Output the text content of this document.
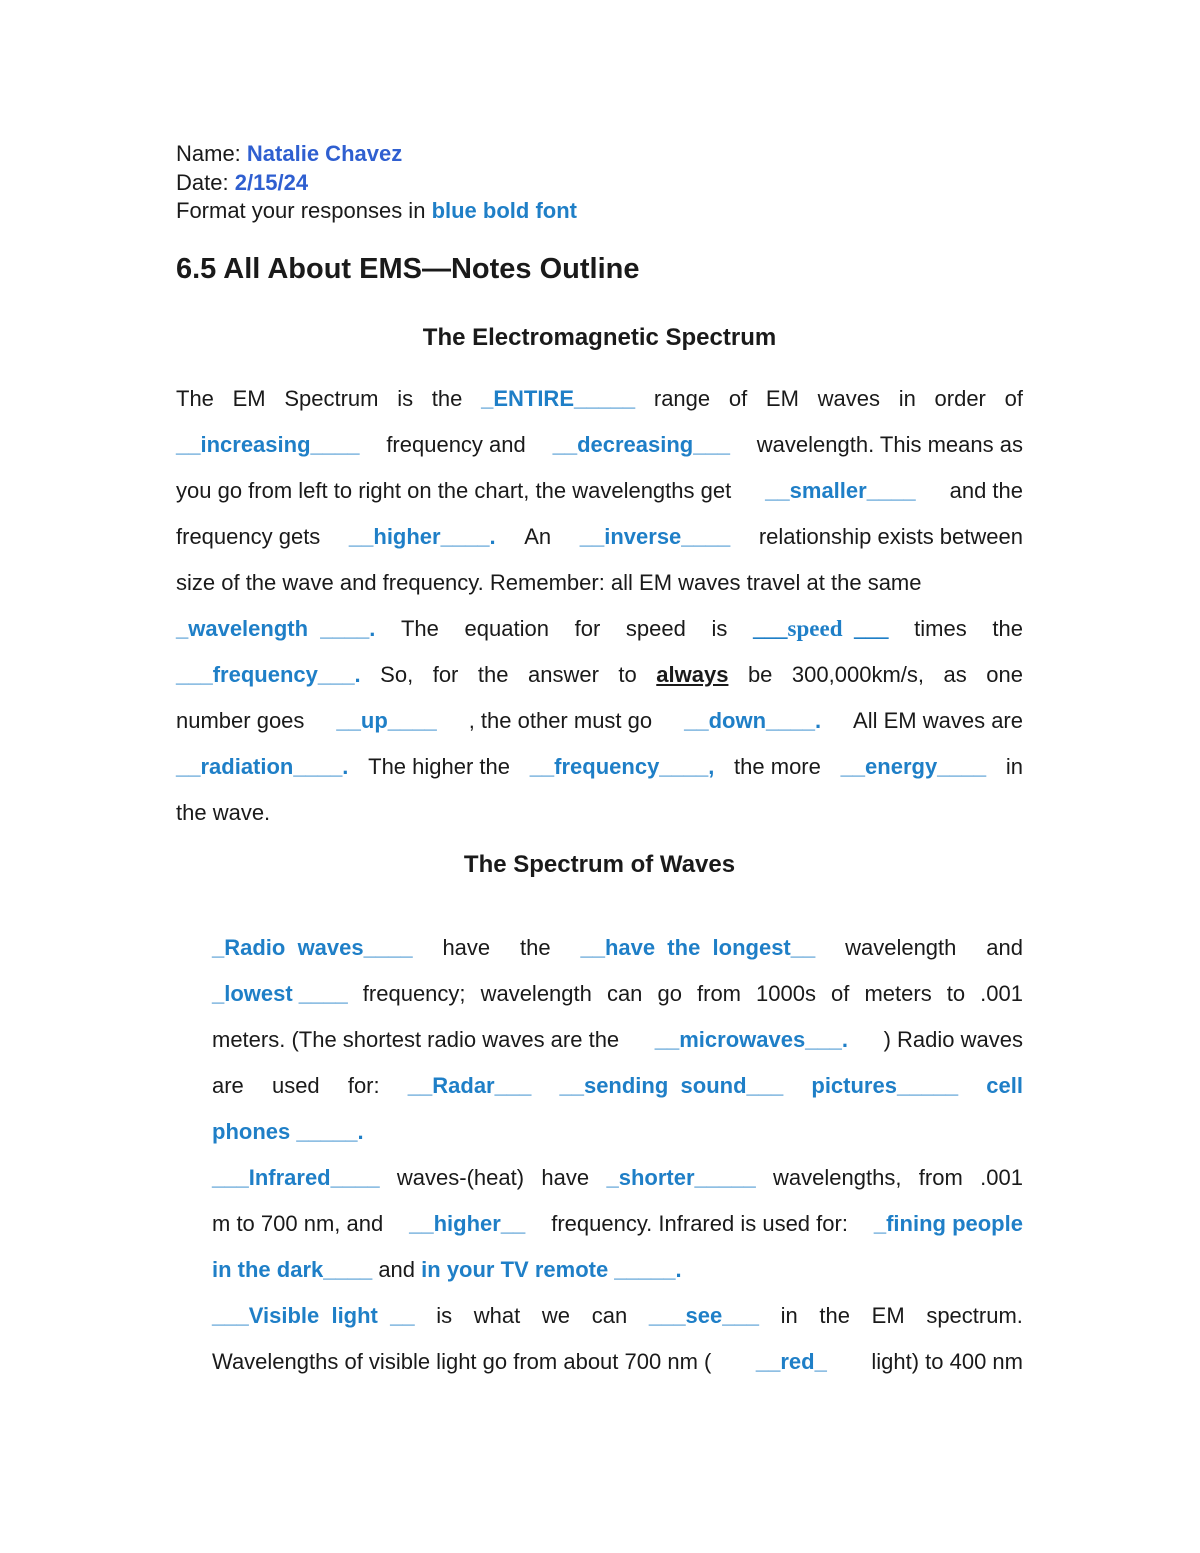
Name: Natalie Chavez

Date: 2/15/24

Format your responses in blue bold font

6.5 All About EMS—Notes Outline
The Electromagnetic Spectrum
The EM Spectrum is the _ENTIRE_____ range of EM waves in order of
__increasing____ frequency and __decreasing___ wavelength. This means as
you go from left to right on the chart, the wavelengths get __smaller____ and the
frequency gets __higher____. An __inverse____ relationship exists between
size of the wave and frequency. Remember: all EM waves travel at the same
_wavelength  ____. The equation for speed is ___speed  ___ times the
___frequency___. So, for the answer to always be 300,000km/s, as one
number goes __up____ , the other must go __down____. All EM waves are
__radiation____. The higher the __frequency____, the more __energy____ in
the wave.
The Spectrum of Waves
_Radio  waves____ have the __have  the  longest__ wavelength and
_lowest ____ frequency; wavelength can go from 1000s of meters to .001
meters. (The shortest radio waves are the __microwaves___. ) Radio waves
are used for: __Radar___ __sending  sound___ pictures_____ cell
phones _____.
___Infrared____ waves-(heat) have _shorter_____ wavelengths, from .001
m to 700 nm, and __higher__ frequency. Infrared is used for: _fining people
in the dark____ and in your TV remote _____.
___Visible  light  __ is what we can ___see___ in the EM spectrum.
Wavelengths of visible light go from about 700 nm ( __red_ light) to 400 nm
